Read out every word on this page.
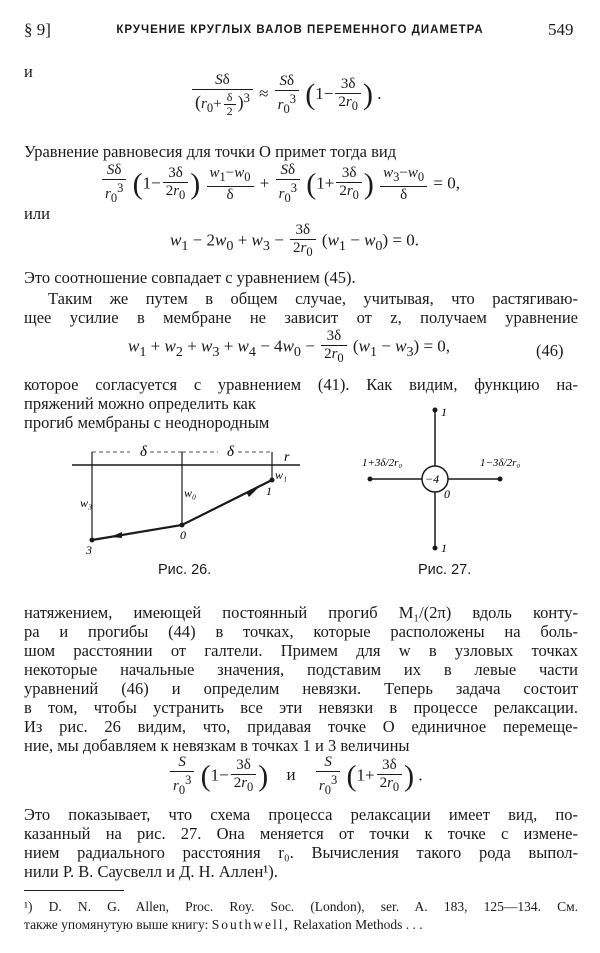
§ 9]	КРУЧЕНИЕ КРУГЛЫХ ВАЛОВ ПЕРЕМЕННОГО ДИАМЕТРА	549
и
$\frac{S\delta}{(r_0+ \frac{\delta}{2} )^3} \approx \frac{S\delta}{r_0^3} (1- \frac{3\delta}{2r_0}$ ) .
Уравнение равновесия для точки O примет тогда вид
$\frac{S\delta}{r_0^3} (1- \frac{3\delta}{2r_0}$ ) $\frac{w_1-w_0}{\delta} + \frac{S\delta}{r_0^3} (1+ \frac{3\delta}{2r_0}$ ) $\frac{w_3-w_0}{\delta} = 0$,
или
$w_1 - 2w_0 + w_3 - \frac{3\delta}{2r_0} (w_1 - w_0) = 0$.
Это соотношение совпадает с уравнением (45).
Таким же путем в общем случае, учитывая, что растягиваю-
щее усилие в мембране не зависит от z, получаем уравнение
$w_1 + w_2 + w_3 + w_4 - 4w_0 - \frac{3\delta}{2r_0} (w_1 - w_3) = 0$,	(46)
которое согласуется с уравнением (41). Как видим, функцию на-
пряжений можно определить как
прогиб мембраны с неоднородным
δ	δ	r
w₃
w₀
w₁
1
0
3
Рис. 26.
1
1
−4
0
1+3δ/2r₀	1−3δ/2r₀
Рис. 27.
натяжением, имеющей постоянный прогиб M₁/(2π) вдоль конту-
ра и прогибы (44) в точках, которые расположены на боль-
шом расстоянии от галтели. Примем для w в узловых точках
некоторые начальные значения, подставим их в левые части
уравнений (46) и определим невязки. Теперь задача состоит
в том, чтобы устранить все эти невязки в процессе релаксации.
Из рис. 26 видим, что, придавая точке O единичное перемеще-
ние, мы добавляем к невязкам в точках 1 и 3 величины
$\frac{S}{r_0^3} (1- \frac{3\delta}{2r_0}$ ) и $\frac{S}{r_0^3} (1+ \frac{3\delta}{2r_0}$ ) .
Это показывает, что схема процесса релаксации имеет вид, по-
казанный на рис. 27. Она меняется от точки к точке с измене-
нием радиального расстояния r₀. Вычисления такого рода выпол-
нили Р. В. Саусвелл и Д. Н. Аллен¹).
¹) D. N. G. Allen, Proc. Roy. Soc. (London), ser. A. 183, 125—134. См.
также упомянутую выше книгу: Southwell, Relaxation Methods . . .
